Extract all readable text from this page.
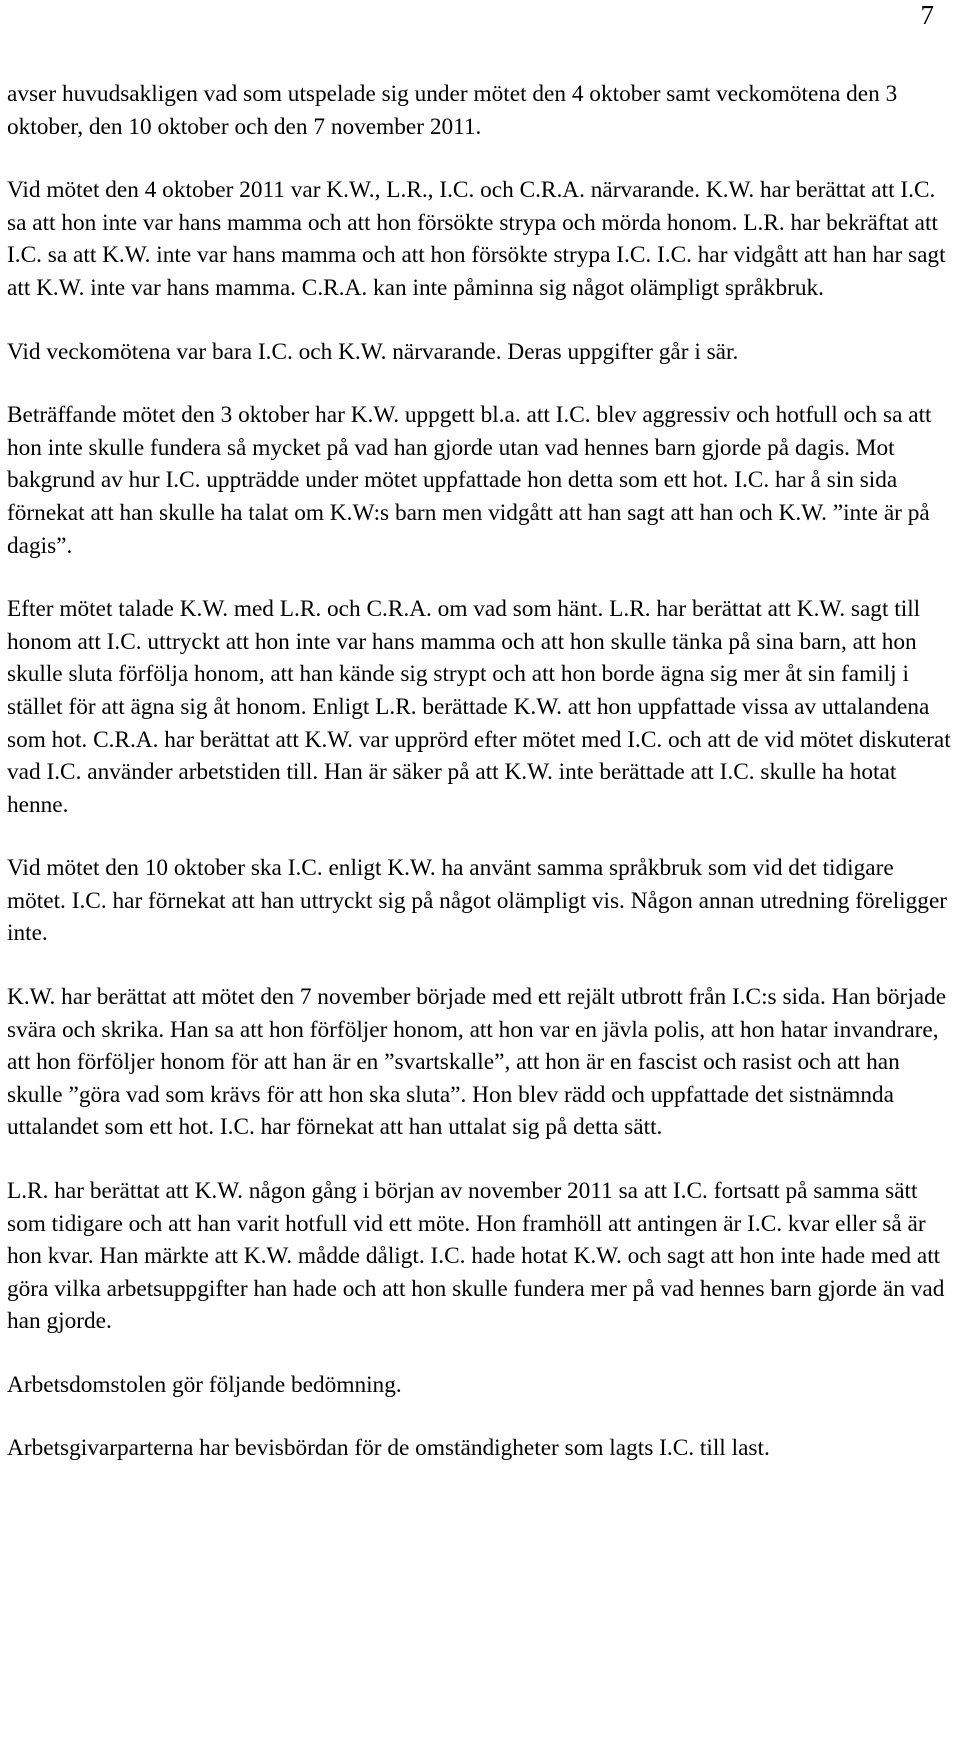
7

avser huvudsakligen vad som utspelade sig under mötet den 4 oktober samt veckomötena den 3 oktober, den 10 oktober och den 7 november 2011.

Vid mötet den 4 oktober 2011 var K.W., L.R., I.C. och C.R.A. närvarande. K.W. har berättat att I.C. sa att hon inte var hans mamma och att hon försökte strypa och mörda honom. L.R. har bekräftat att I.C. sa att K.W. inte var hans mamma och att hon försökte strypa I.C. I.C. har vidgått att han har sagt att K.W. inte var hans mamma. C.R.A. kan inte påminna sig något olämpligt språkbruk.

Vid veckomötena var bara I.C. och K.W. närvarande. Deras uppgifter går i sär.

Beträffande mötet den 3 oktober har K.W. uppgett bl.a. att I.C. blev aggressiv och hotfull och sa att hon inte skulle fundera så mycket på vad han gjorde utan vad hennes barn gjorde på dagis. Mot bakgrund av hur I.C. uppträdde under mötet uppfattade hon detta som ett hot. I.C. har å sin sida förnekat att han skulle ha talat om K.W:s barn men vidgått att han sagt att han och K.W. ”inte är på dagis”.

Efter mötet talade K.W. med L.R. och C.R.A. om vad som hänt. L.R. har berättat att K.W. sagt till honom att I.C. uttryckt att hon inte var hans mamma och att hon skulle tänka på sina barn, att hon skulle sluta förfölja honom, att han kände sig strypt och att hon borde ägna sig mer åt sin familj i stället för att ägna sig åt honom. Enligt L.R. berättade K.W. att hon uppfattade vissa av uttalandena som hot. C.R.A. har berättat att K.W. var upprörd efter mötet med I.C. och att de vid mötet diskuterat vad I.C. använder arbetstiden till. Han är säker på att K.W. inte berättade att I.C. skulle ha hotat henne.

Vid mötet den 10 oktober ska I.C. enligt K.W. ha använt samma språkbruk som vid det tidigare mötet. I.C. har förnekat att han uttryckt sig på något olämpligt vis. Någon annan utredning föreligger inte.

K.W. har berättat att mötet den 7 november började med ett rejält utbrott från I.C:s sida. Han började svära och skrika. Han sa att hon förföljer honom, att hon var en jävla polis, att hon hatar invandrare, att hon förföljer honom för att han är en ”svartskalle”, att hon är en fascist och rasist och att han skulle ”göra vad som krävs för att hon ska sluta”. Hon blev rädd och uppfattade det sistnämnda uttalandet som ett hot. I.C. har förnekat att han uttalat sig på detta sätt.

L.R. har berättat att K.W. någon gång i början av november 2011 sa att I.C. fortsatt på samma sätt som tidigare och att han varit hotfull vid ett möte. Hon framhöll att antingen är I.C. kvar eller så är hon kvar. Han märkte att K.W. mådde dåligt. I.C. hade hotat K.W. och sagt att hon inte hade med att göra vilka arbetsuppgifter han hade och att hon skulle fundera mer på vad hennes barn gjorde än vad han gjorde.

Arbetsdomstolen gör följande bedömning.

Arbetsgivarparterna har bevisbördan för de omständigheter som lagts I.C. till last.
